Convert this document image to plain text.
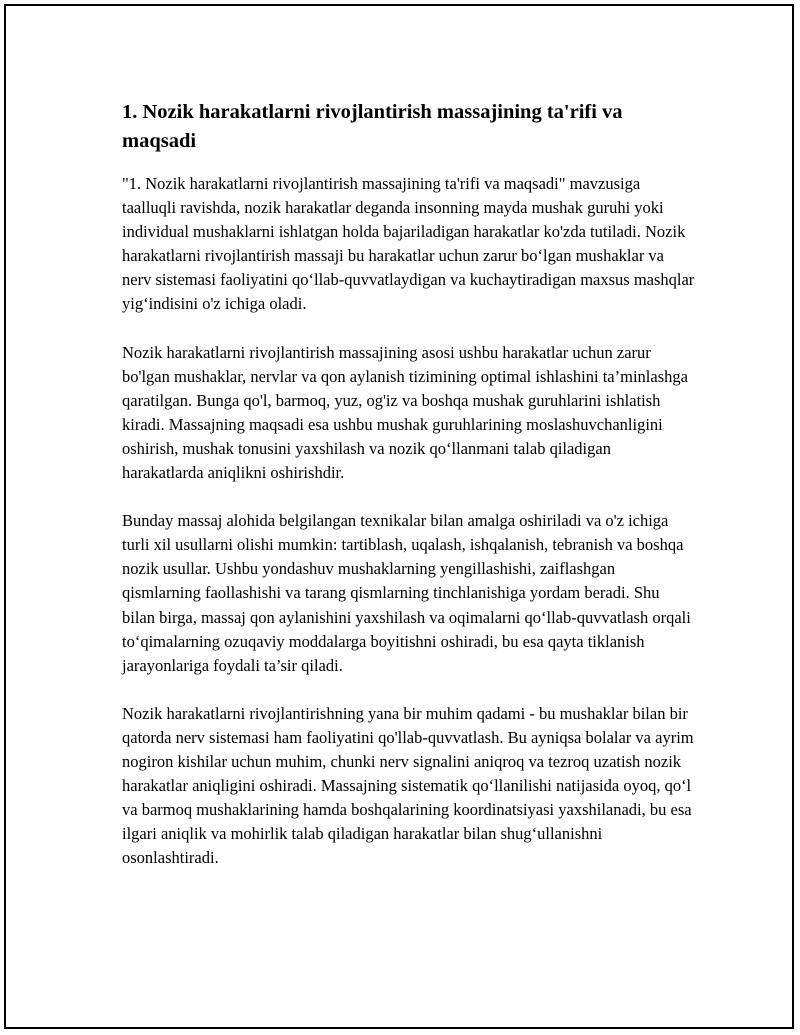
1. Nozik harakatlarni rivojlantirish massajining ta'rifi va maqsadi

"1. Nozik harakatlarni rivojlantirish massajining ta'rifi va maqsadi" mavzusiga taalluqli ravishda, nozik harakatlar deganda insonning mayda mushak guruhi yoki individual mushaklarni ishlatgan holda bajariladigan harakatlar ko'zda tutiladi. Nozik harakatlarni rivojlantirish massaji bu harakatlar uchun zarur bo‘lgan mushaklar va nerv sistemasi faoliyatini qo‘llab-quvvatlaydigan va kuchaytiradigan maxsus mashqlar yig‘indisini o'z ichiga oladi.

Nozik harakatlarni rivojlantirish massajining asosi ushbu harakatlar uchun zarur bo'lgan mushaklar, nervlar va qon aylanish tizimining optimal ishlashini ta’minlashga qaratilgan. Bunga qo'l, barmoq, yuz, og'iz va boshqa mushak guruhlarini ishlatish kiradi. Massajning maqsadi esa ushbu mushak guruhlarining moslashuvchanligini oshirish, mushak tonusini yaxshilash va nozik qo‘llanmani talab qiladigan harakatlarda aniqlikni oshirishdir.

Bunday massaj alohida belgilangan texnikalar bilan amalga oshiriladi va o'z ichiga turli xil usullarni olishi mumkin: tartiblash, uqalash, ishqalanish, tebranish va boshqa nozik usullar. Ushbu yondashuv mushaklarning yengillashishi, zaiflashgan qismlarning faollashishi va tarang qismlarning tinchlanishiga yordam beradi. Shu bilan birga, massaj qon aylanishini yaxshilash va oqimalarni qo‘llab-quvvatlash orqali to‘qimalarning ozuqaviy moddalarga boyitishni oshiradi, bu esa qayta tiklanish jarayonlariga foydali ta’sir qiladi.

Nozik harakatlarni rivojlantirishning yana bir muhim qadami - bu mushaklar bilan bir qatorda nerv sistemasi ham faoliyatini qo'llab-quvvatlash. Bu ayniqsa bolalar va ayrim nogiron kishilar uchun muhim, chunki nerv signalini aniqroq va tezroq uzatish nozik harakatlar aniqligini oshiradi. Massajning sistematik qo‘llanilishi natijasida oyoq, qo‘l va barmoq mushaklarining hamda boshqalarining koordinatsiyasi yaxshilanadi, bu esa ilgari aniqlik va mohirlik talab qiladigan harakatlar bilan shug‘ullanishni osonlashtiradi.
